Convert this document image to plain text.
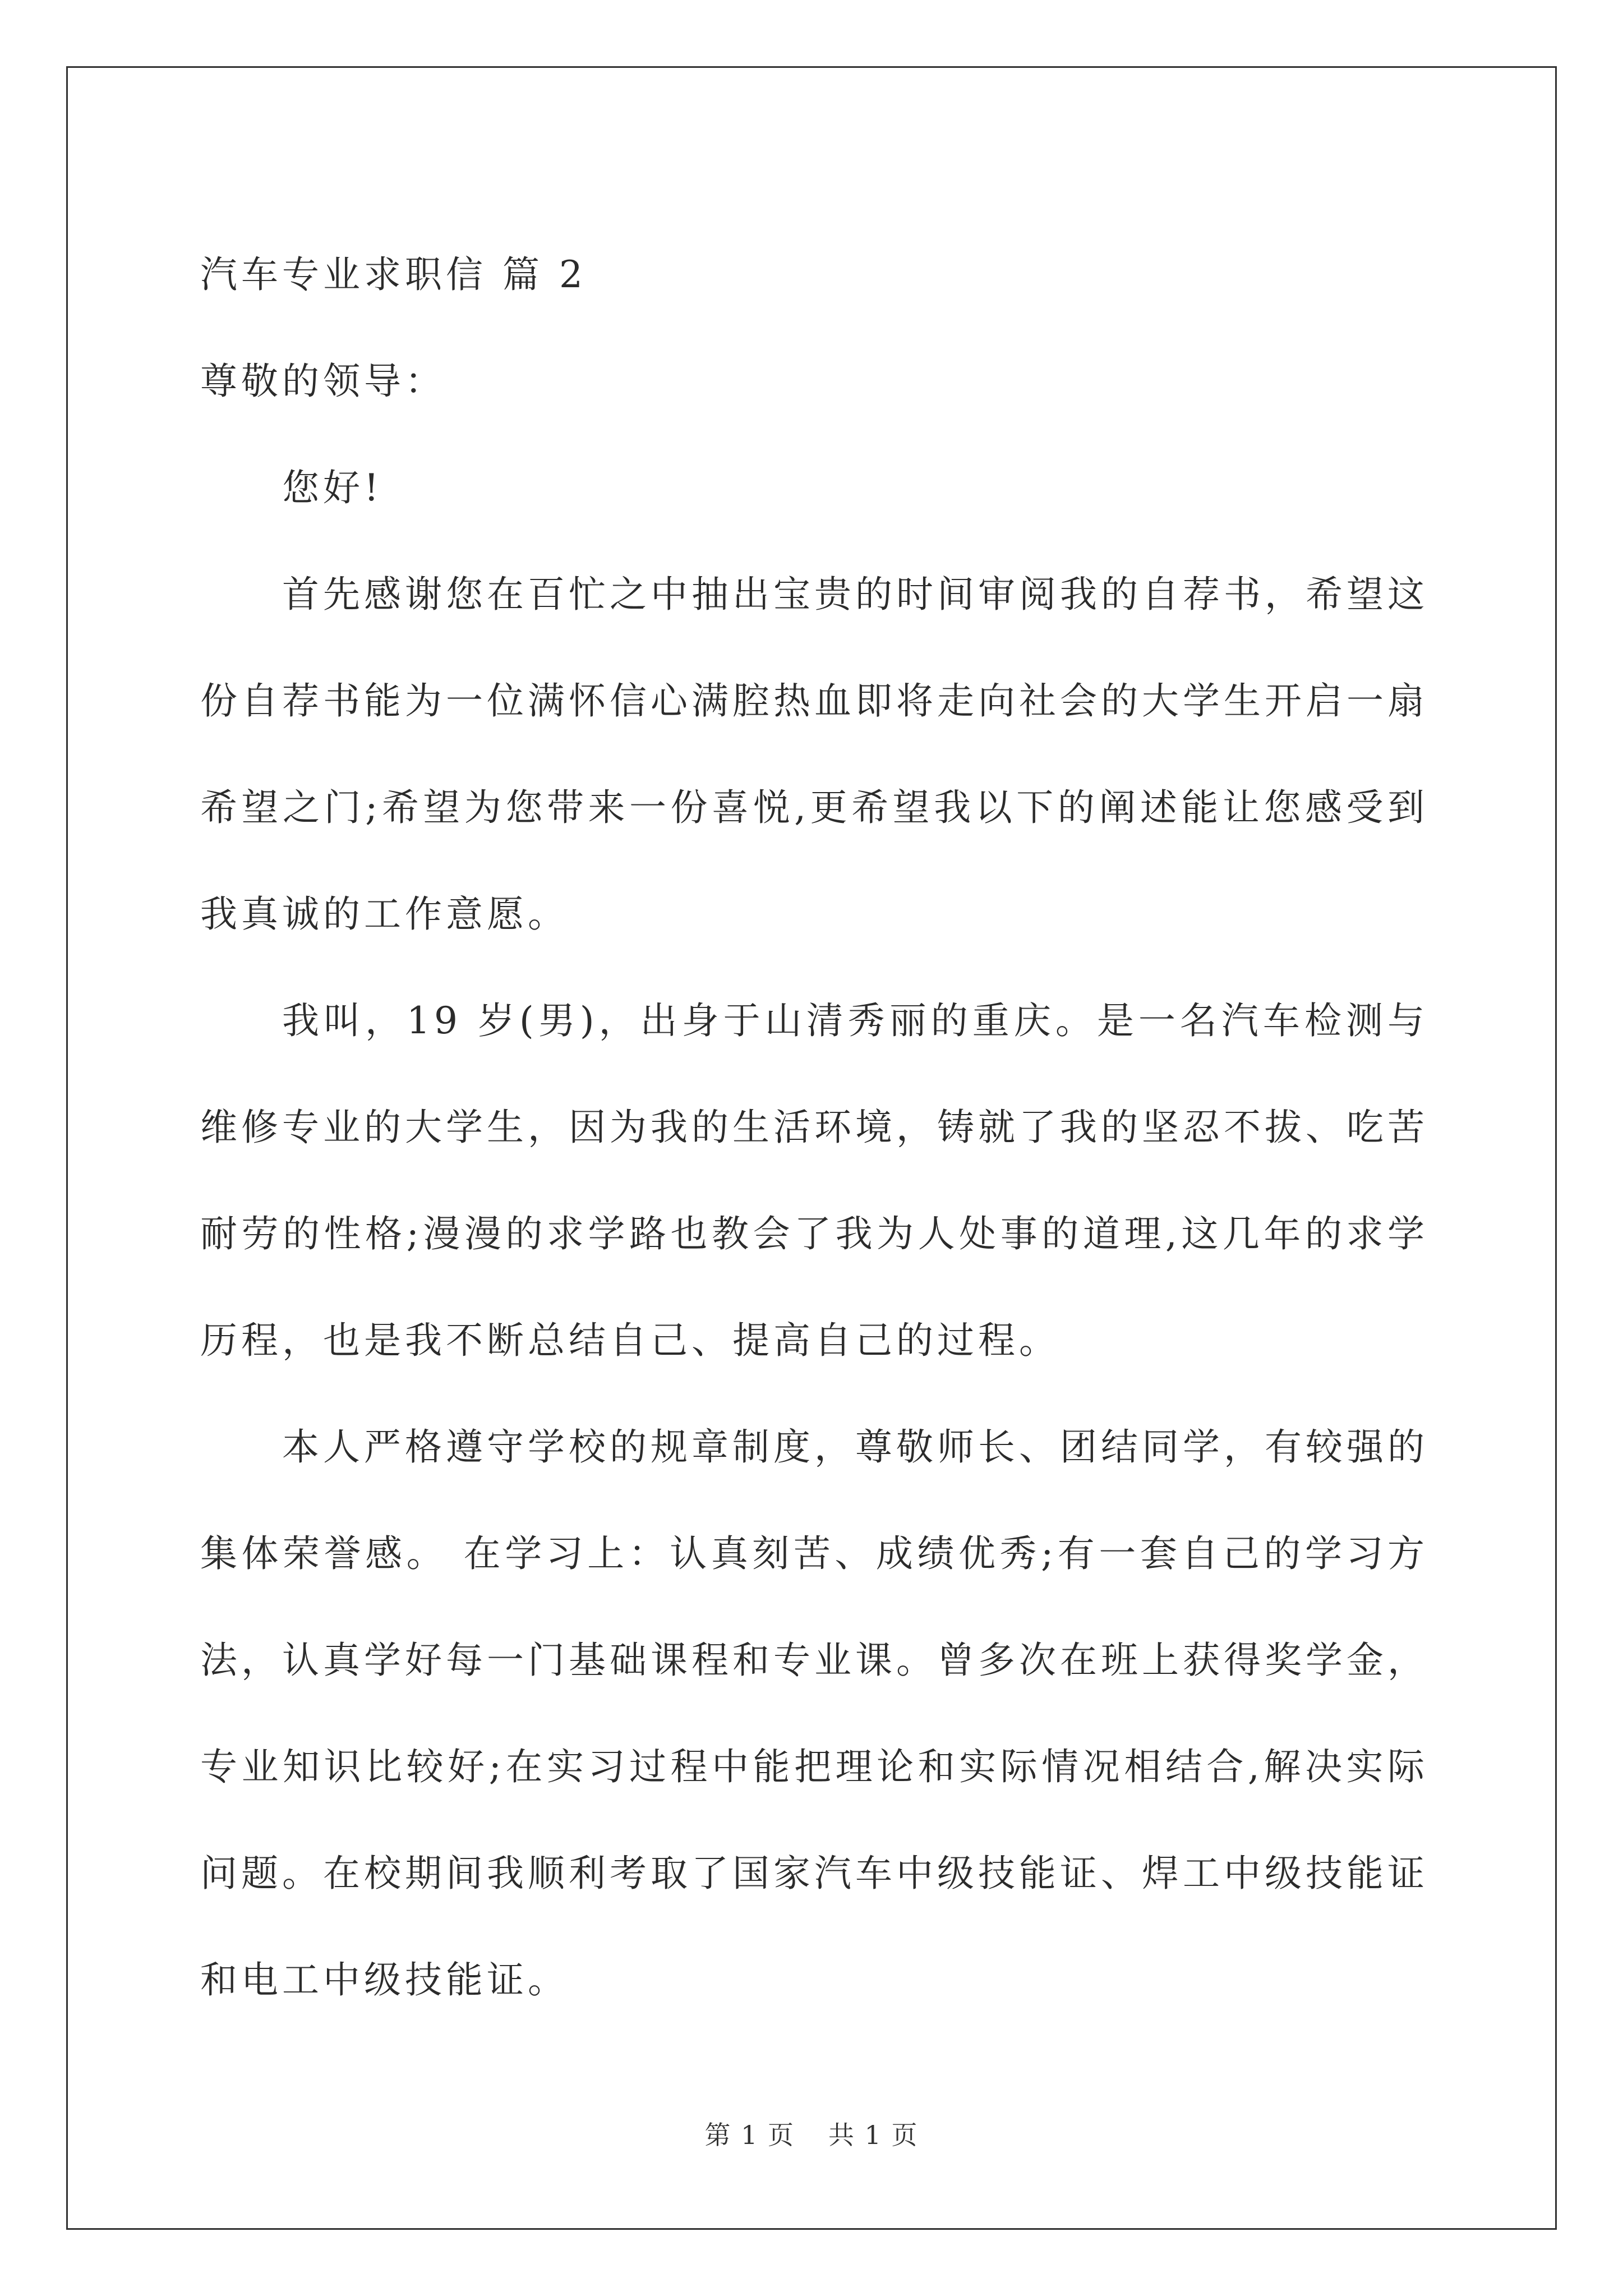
汽车专业求职信 篇 2

尊敬的领导：

您好!

首先感谢您在百忙之中抽出宝贵的时间审阅我的自荐书，希望这份自荐书能为一位满怀信心满腔热血即将走向社会的大学生开启一扇希望之门;希望为您带来一份喜悦,更希望我以下的阐述能让您感受到我真诚的工作意愿。

我叫，19 岁(男)，出身于山清秀丽的重庆。是一名汽车检测与维修专业的大学生，因为我的生活环境，铸就了我的坚忍不拔、吃苦耐劳的性格;漫漫的求学路也教会了我为人处事的道理,这几年的求学历程，也是我不断总结自己、提高自己的过程。

本人严格遵守学校的规章制度，尊敬师长、团结同学，有较强的集体荣誉感。 在学习上：认真刻苦、成绩优秀;有一套自己的学习方法，认真学好每一门基础课程和专业课。曾多次在班上获得奖学金，专业知识比较好;在实习过程中能把理论和实际情况相结合,解决实际问题。在校期间我顺利考取了国家汽车中级技能证、焊工中级技能证和电工中级技能证。

第 1 页 共 1 页
